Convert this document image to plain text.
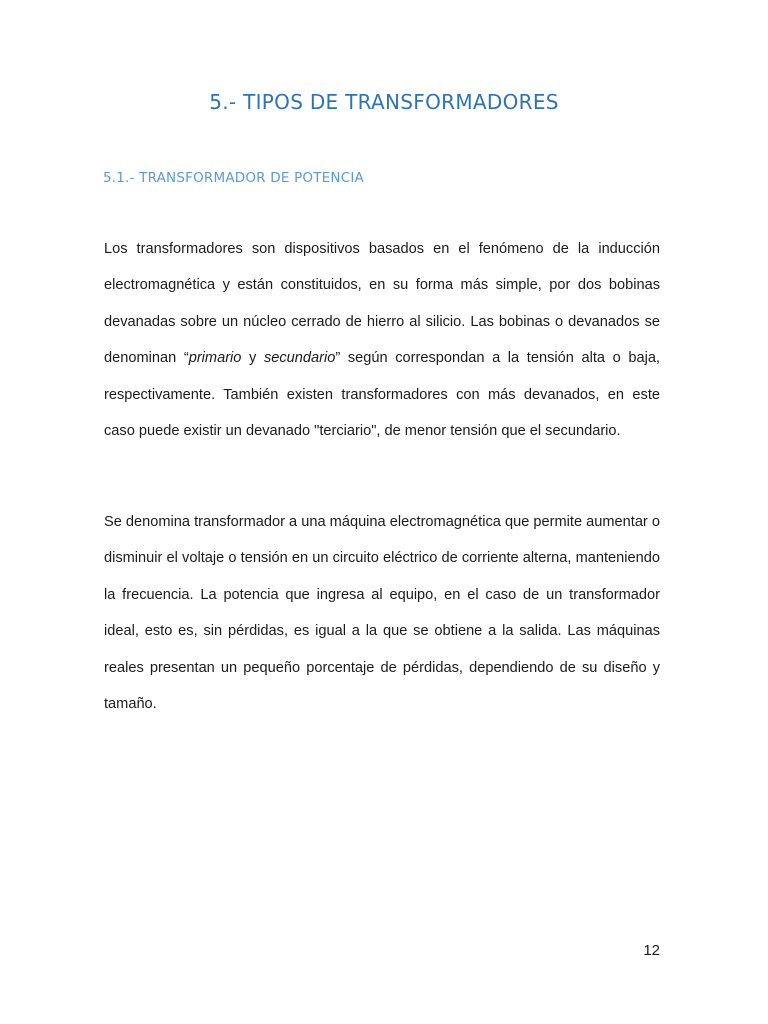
5.- TIPOS DE TRANSFORMADORES
5.1.- TRANSFORMADOR DE POTENCIA

Los transformadores son dispositivos basados en el fenómeno de la inducción electromagnética y están constituidos, en su forma más simple, por dos bobinas devanadas sobre un núcleo cerrado de hierro al silicio. Las bobinas o devanados se denominan “primario y secundario” según correspondan a la tensión alta o baja, respectivamente. También existen transformadores con más devanados, en este caso puede existir un devanado "terciario", de menor tensión que el secundario.

Se denomina transformador a una máquina electromagnética que permite aumentar o disminuir el voltaje o tensión en un circuito eléctrico de corriente alterna, manteniendo la frecuencia. La potencia que ingresa al equipo, en el caso de un transformador ideal, esto es, sin pérdidas, es igual a la que se obtiene a la salida. Las máquinas reales presentan un pequeño porcentaje de pérdidas, dependiendo de su diseño y tamaño.

12
